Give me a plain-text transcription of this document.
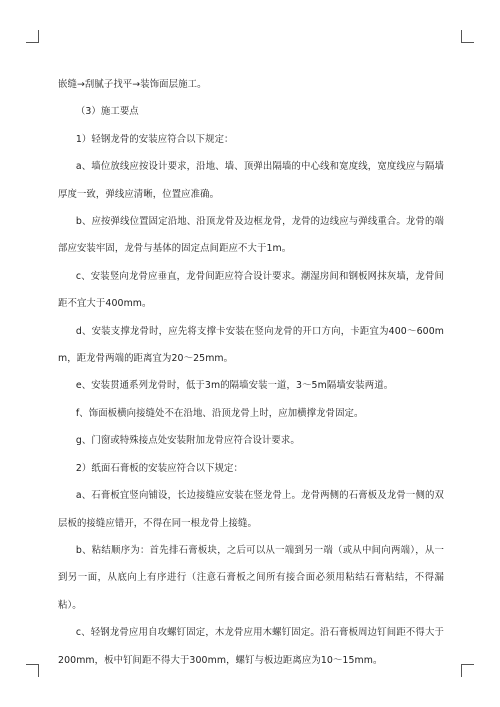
嵌缝→刮腻子找平→装饰面层施工。

（3）施工要点

1）轻钢龙骨的安装应符合以下规定：

a、墙位放线应按设计要求，沿地、墙、顶弹出隔墙的中心线和宽度线，宽度线应与隔墙厚度一致，弹线应清晰，位置应准确。

b、应按弹线位置固定沿地、沿顶龙骨及边框龙骨，龙骨的边线应与弹线重合。龙骨的端部应安装牢固，龙骨与基体的固定点间距应不大于1m。

c、安装竖向龙骨应垂直，龙骨间距应符合设计要求。潮湿房间和钢板网抹灰墙，龙骨间距不宜大于400mm。

d、安装支撑龙骨时，应先将支撑卡安装在竖向龙骨的开口方向，卡距宜为400～600mm，距龙骨两端的距离宜为20～25mm。

e、安装贯通系列龙骨时，低于3m的隔墙安装一道，3～5m隔墙安装两道。

f、饰面板横向接缝处不在沿地、沿顶龙骨上时，应加横撑龙骨固定。

g、门窗或特殊接点处安装附加龙骨应符合设计要求。

2）纸面石膏板的安装应符合以下规定：

a、石膏板宜竖向铺设，长边接缝应安装在竖龙骨上。龙骨两侧的石膏板及龙骨一侧的双层板的接缝应错开，不得在同一根龙骨上接缝。

b、粘结顺序为：首先排石膏板块，之后可以从一端到另一端（或从中间向两端），从一到另一面，从底向上有序进行（注意石膏板之间所有接合面必须用粘结石膏粘结，不得漏粘）。

c、轻钢龙骨应用自攻螺钉固定，木龙骨应用木螺钉固定。沿石膏板周边钉间距不得大于200mm，板中钉间距不得大于300mm，螺钉与板边距离应为10～15mm。
